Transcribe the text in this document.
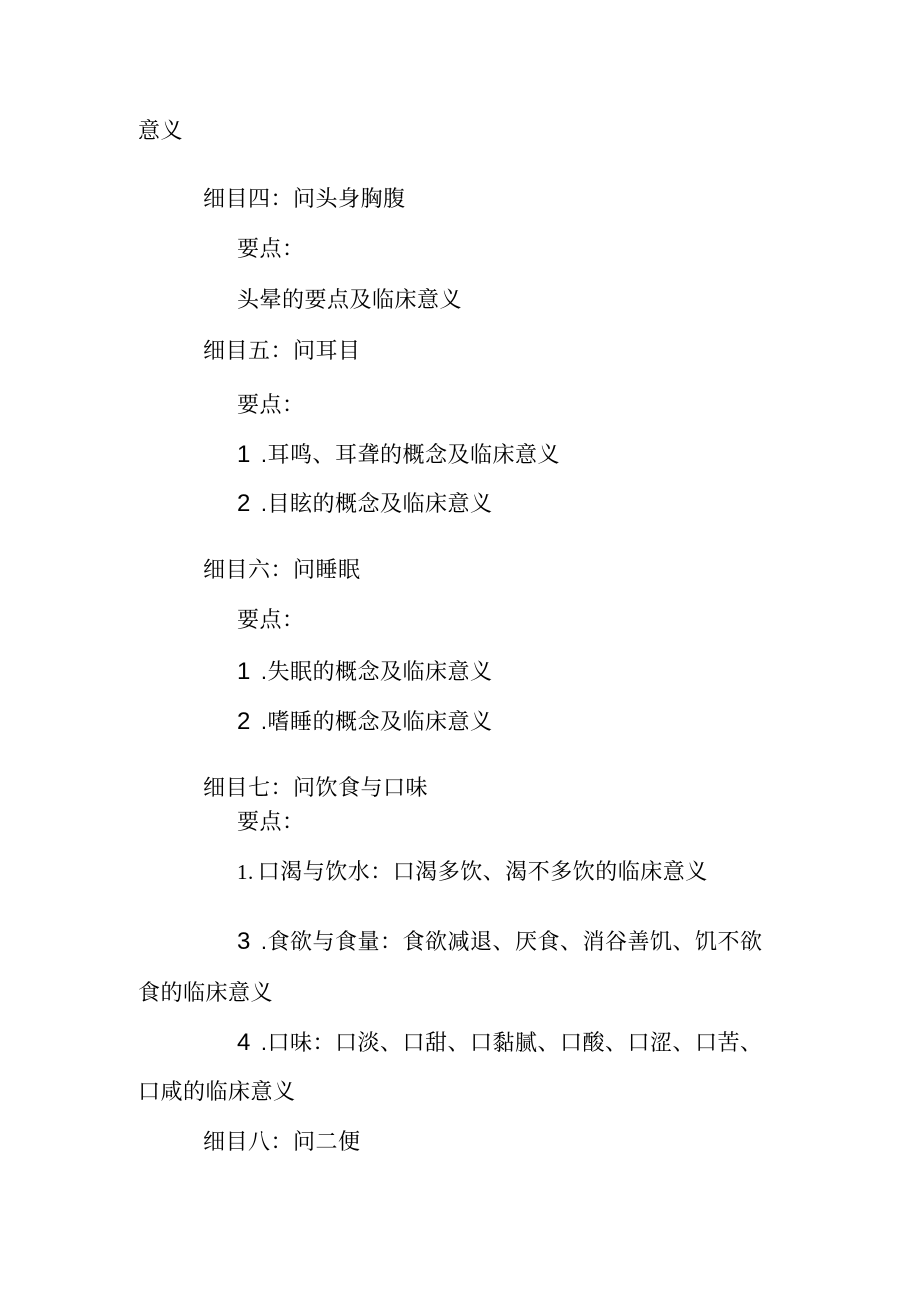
意义
细目四：问头身胸腹
要点：
头晕的要点及临床意义
细目五：问耳目
要点：
1 .耳鸣、耳聋的概念及临床意义
2 .目眩的概念及临床意义
细目六：问睡眠
要点：
1 .失眠的概念及临床意义
2 .嗜睡的概念及临床意义
细目七：问饮食与口味
要点：
1. 口渴与饮水：口渴多饮、渴不多饮的临床意义
3 .食欲与食量：食欲减退、厌食、消谷善饥、饥不欲
食的临床意义
4 .口味：口淡、口甜、口黏腻、口酸、口涩、口苦、
口咸的临床意义
细目八：问二便
